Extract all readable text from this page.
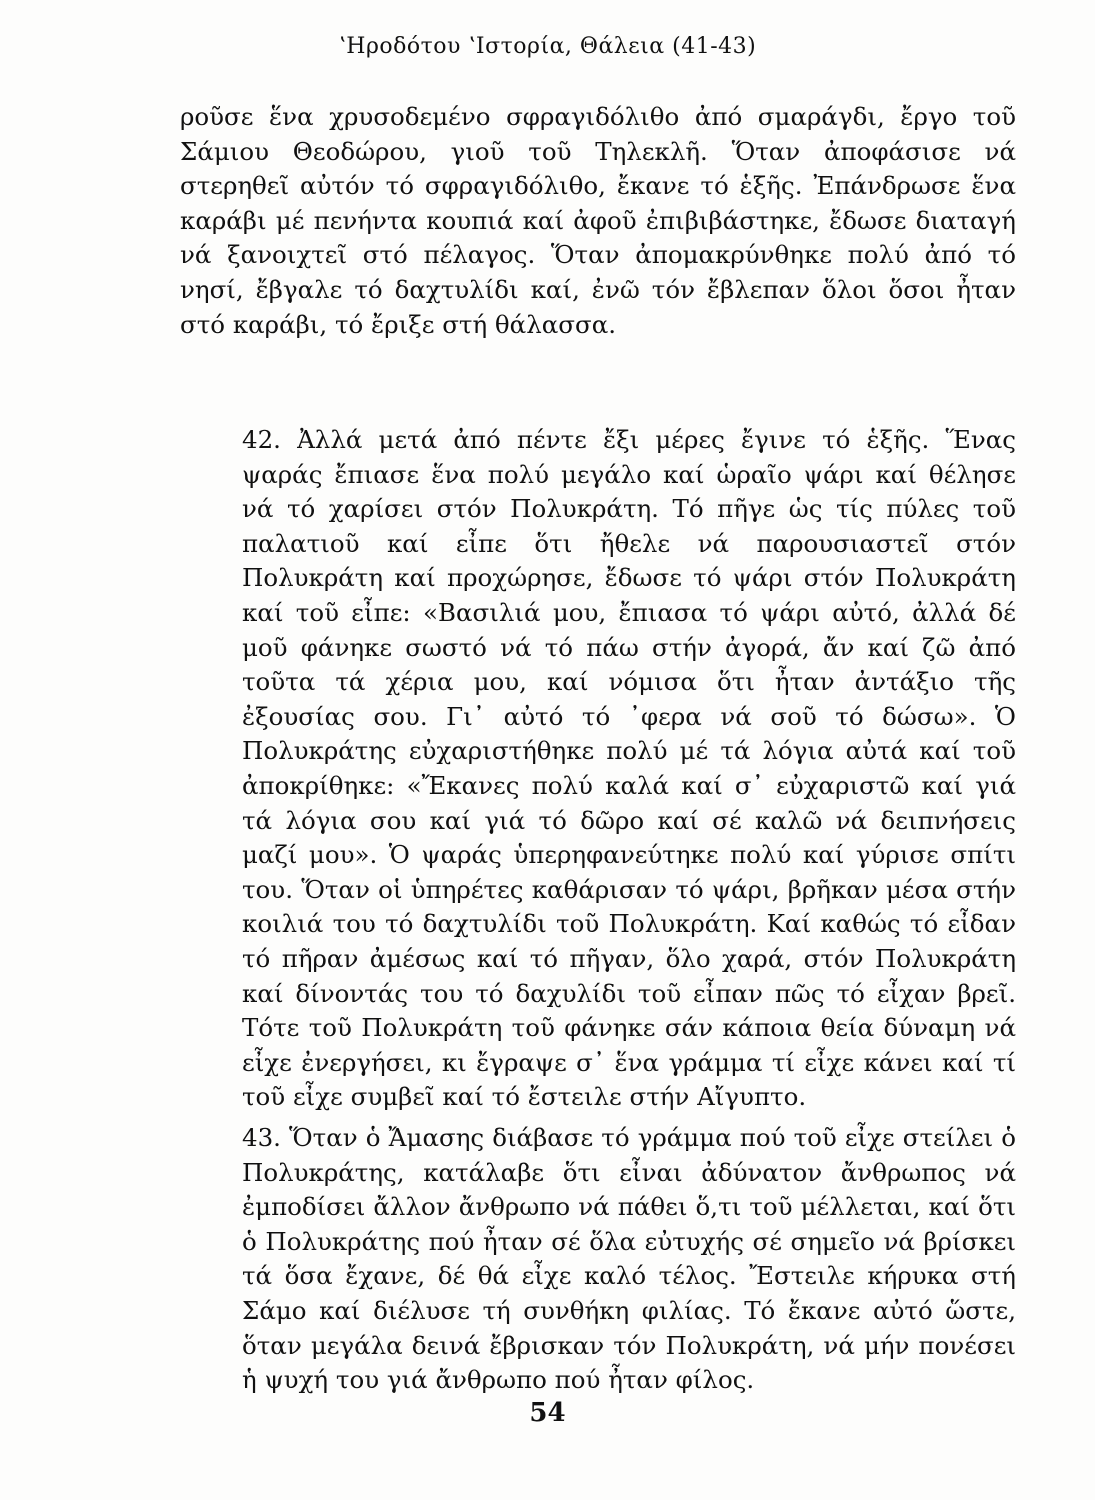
ʽΗροδότου ʽΙστορία, Θάλεια (41-43)

ροῦσε ἕνα χρυσοδεμένο σφραγιδόλιθο ἀπό σμαράγδι, ἔργο τοῦ Σάμιου Θεοδώρου, γιοῦ τοῦ Τηλεκλῆ. Ὅταν ἀποφάσισε νά στερηθεῖ αὐτόν τό σφραγιδόλιθο, ἔκανε τό ἑξῆς. Ἐπάνδρωσε ἕνα καράβι μέ πενήντα κουπιά καί ἀφοῦ ἐπιβιβάστηκε, ἔδωσε διαταγή νά ξανοιχτεῖ στό πέλαγος. Ὅταν ἀπομακρύνθηκε πολύ ἀπό τό νησί, ἔβγαλε τό δαχτυλίδι καί, ἐνῶ τόν ἔβλεπαν ὅλοι ὅσοι ἦταν στό καράβι, τό ἔριξε στή θάλασσα.

42. Ἀλλά μετά ἀπό πέντε ἔξι μέρες ἔγινε τό ἑξῆς. Ἕνας ψαράς ἔπιασε ἕνα πολύ μεγάλο καί ὡραῖο ψάρι καί θέλησε νά τό χαρίσει στόν Πολυκράτη. Τό πῆγε ὡς τίς πύλες τοῦ παλατιοῦ καί εἶπε ὅτι ἤθελε νά παρουσιαστεῖ στόν Πολυκράτη καί προχώρησε, ἔδωσε τό ψάρι στόν Πολυκράτη καί τοῦ εἶπε: «Βασιλιά μου, ἔπιασα τό ψάρι αὐτό, ἀλλά δέ μοῦ φάνηκε σωστό νά τό πάω στήν ἀγορά, ἄν καί ζῶ ἀπό τοῦτα τά χέρια μου, καί νόμισα ὅτι ἦταν ἀντάξιο τῆς ἐξουσίας σου. Γι᾽ αὐτό τό ᾽φερα νά σοῦ τό δώσω». Ὁ Πολυκράτης εὐχαριστήθηκε πολύ μέ τά λόγια αὐτά καί τοῦ ἀποκρίθηκε: «Ἔκανες πολύ καλά καί σ᾽ εὐχαριστῶ καί γιά τά λόγια σου καί γιά τό δῶρο καί σέ καλῶ νά δειπνήσεις μαζί μου». Ὁ ψαράς ὑπερηφανεύτηκε πολύ καί γύρισε σπίτι του. Ὅταν οἱ ὑπηρέτες καθάρισαν τό ψάρι, βρῆκαν μέσα στήν κοιλιά του τό δαχτυλίδι τοῦ Πολυκράτη. Καί καθώς τό εἶδαν τό πῆραν ἀμέσως καί τό πῆγαν, ὅλο χαρά, στόν Πολυκράτη καί δίνοντάς του τό δαχυλίδι τοῦ εἶπαν πῶς τό εἶχαν βρεῖ. Τότε τοῦ Πολυκράτη τοῦ φάνηκε σάν κάποια θεία δύναμη νά εἶχε ἐνεργήσει, κι ἔγραψε σ᾽ ἕνα γράμμα τί εἶχε κάνει καί τί τοῦ εἶχε συμβεῖ καί τό ἔστειλε στήν Αἴγυπτο.

43. Ὅταν ὁ Ἄμασης διάβασε τό γράμμα πού τοῦ εἶχε στείλει ὁ Πολυκράτης, κατάλαβε ὅτι εἶναι ἀδύνατον ἄνθρωπος νά ἐμποδίσει ἄλλον ἄνθρωπο νά πάθει ὅ,τι τοῦ μέλλεται, καί ὅτι ὁ Πολυκράτης πού ἦταν σέ ὅλα εὐτυχής σέ σημεῖο νά βρίσκει τά ὅσα ἔχανε, δέ θά εἶχε καλό τέλος. Ἔστειλε κήρυκα στή Σάμο καί διέλυσε τή συνθήκη φιλίας. Τό ἔκανε αὐτό ὥστε, ὅταν μεγάλα δεινά ἔβρισκαν τόν Πολυκράτη, νά μήν πονέσει ἡ ψυχή του γιά ἄνθρωπο πού ἦταν φίλος.

54
